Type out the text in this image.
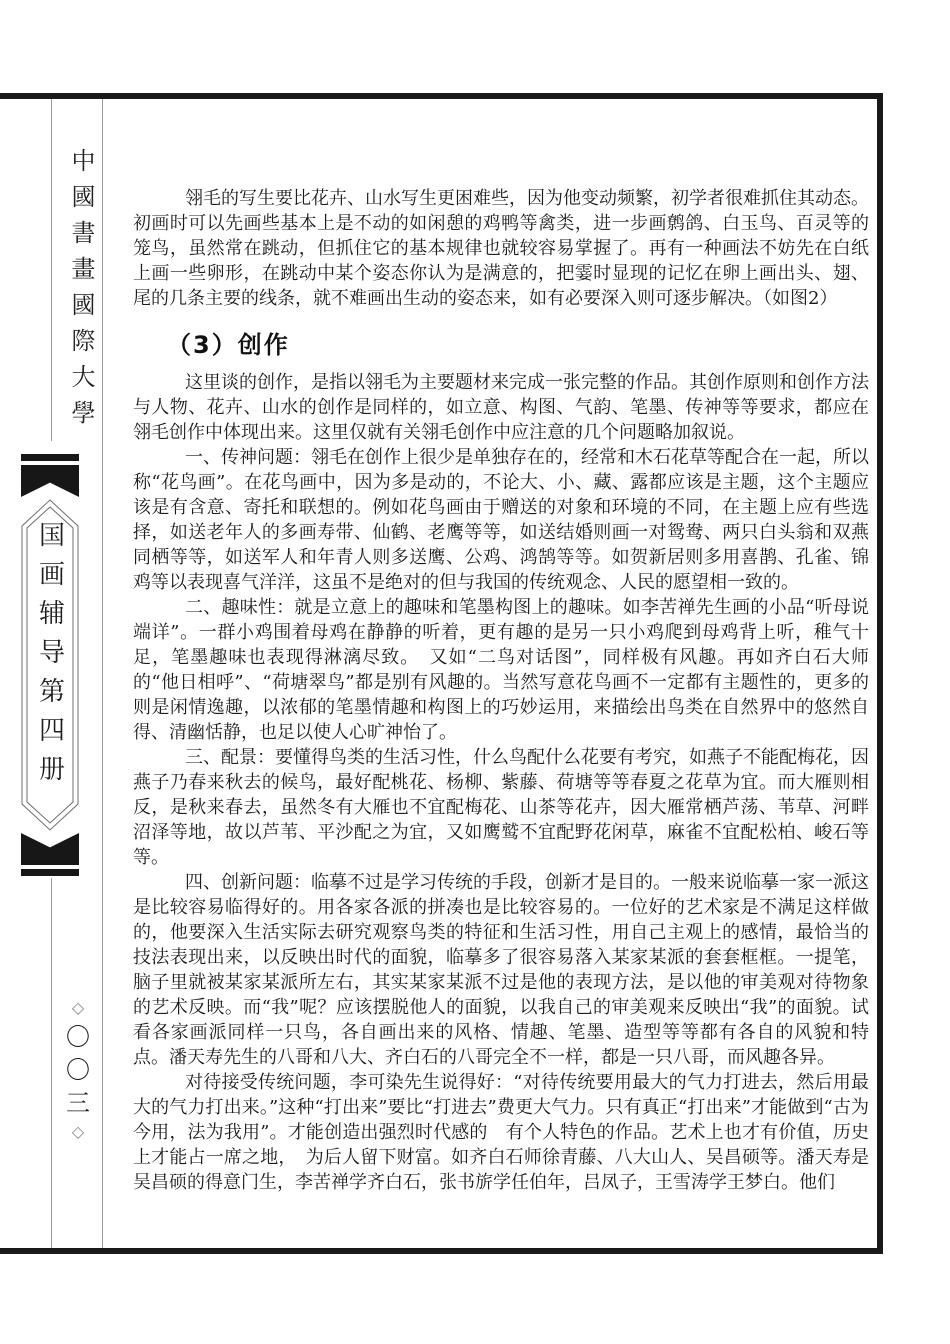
中國書畫國際大學
国画辅导第四册
◇
〇
〇
三
◇

翎毛的写生要比花卉、山水写生更困难些，因为他变动频繁，初学者很难抓住其动态。初画时可以先画些基本上是不动的如闲憩的鸡鸭等禽类，进一步画鹩鸽、白玉鸟、百灵等的笼鸟，虽然常在跳动，但抓住它的基本规律也就较容易掌握了。再有一种画法不妨先在白纸上画一些卵形，在跳动中某个姿态你认为是满意的，把霎时显现的记忆在卵上画出头、翅、尾的几条主要的线条，就不难画出生动的姿态来，如有必要深入则可逐步解决。（如图2）

（3）创作

这里谈的创作，是指以翎毛为主要题材来完成一张完整的作品。其创作原则和创作方法与人物、花卉、山水的创作是同样的，如立意、构图、气韵、笔墨、传神等等要求，都应在翎毛创作中体现出来。这里仅就有关翎毛创作中应注意的几个问题略加叙说。

一、传神问题：翎毛在创作上很少是单独存在的，经常和木石花草等配合在一起，所以称“花鸟画”。在花鸟画中，因为多是动的，不论大、小、藏、露都应该是主题，这个主题应该是有含意、寄托和联想的。例如花鸟画由于赠送的对象和环境的不同，在主题上应有些选择，如送老年人的多画寿带、仙鹤、老鹰等等，如送结婚则画一对鸳鸯、两只白头翁和双燕同栖等等，如送军人和年青人则多送鹰、公鸡、鸿鹄等等。如贺新居则多用喜鹊、孔雀、锦鸡等以表现喜气洋洋，这虽不是绝对的但与我国的传统观念、人民的愿望相一致的。

二、趣味性：就是立意上的趣味和笔墨构图上的趣味。如李苦禅先生画的小品“听母说端详”。一群小鸡围着母鸡在静静的听着，更有趣的是另一只小鸡爬到母鸡背上听，稚气十足，笔墨趣味也表现得淋漓尽致。　又如“二鸟对话图”，同样极有风趣。再如齐白石大师的“他日相呼”、“荷塘翠鸟”都是别有风趣的。当然写意花鸟画不一定都有主题性的，更多的则是闲情逸趣，以浓郁的笔墨情趣和构图上的巧妙运用，来描绘出鸟类在自然界中的悠然自得、清幽恬静，也足以使人心旷神怡了。

三、配景：要懂得鸟类的生活习性，什么鸟配什么花要有考究，如燕子不能配梅花，因燕子乃春来秋去的候鸟，最好配桃花、杨柳、紫藤、荷塘等等春夏之花草为宜。而大雁则相反，是秋来春去，虽然冬有大雁也不宜配梅花、山茶等花卉，因大雁常栖芦荡、苇草、河畔沼泽等地，故以芦苇、平沙配之为宜，又如鹰鹫不宜配野花闲草，麻雀不宜配松柏、峻石等等。

四、创新问题：临摹不过是学习传统的手段，创新才是目的。一般来说临摹一家一派这是比较容易临得好的。用各家各派的拼凑也是比较容易的。一位好的艺术家是不满足这样做的，他要深入生活实际去研究观察鸟类的特征和生活习性，用自己主观上的感情，最恰当的技法表现出来，以反映出时代的面貌，临摹多了很容易落入某家某派的套套框框。一提笔，脑子里就被某家某派所左右，其实某家某派不过是他的表现方法，是以他的审美观对待物象的艺术反映。而“我”呢？应该摆脱他人的面貌，以我自己的审美观来反映出“我”的面貌。试看各家画派同样一只鸟，各自画出来的风格、情趣、笔墨、造型等等都有各自的风貌和特点。潘天寿先生的八哥和八大、齐白石的八哥完全不一样，都是一只八哥，而风趣各异。

对待接受传统问题，李可染先生说得好：“对待传统要用最大的气力打进去，然后用最大的气力打出来。”这种“打出来”要比“打进去”费更大气力。只有真正“打出来”才能做到“古为今用，法为我用”。才能创造出强烈时代感的　有个人特色的作品。艺术上也才有价值，历史上才能占一席之地，　为后人留下财富。如齐白石师徐青藤、八大山人、吴昌硕等。潘天寿是吴昌硕的得意门生，李苦禅学齐白石，张书旂学任伯年，吕凤子，王雪涛学王梦白。他们
